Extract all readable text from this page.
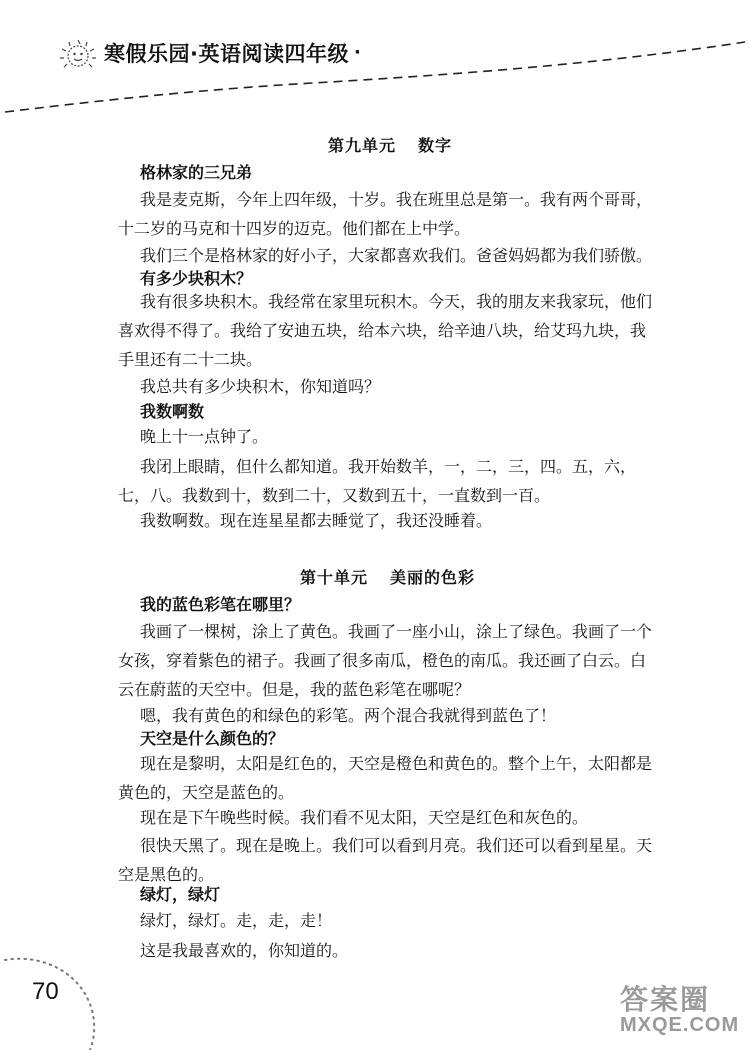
寒假乐园·英语阅读四年级 ·
第九单元 数字
格林家的三兄弟

我是麦克斯，今年上四年级，十岁。我在班里总是第一。我有两个哥哥，十二岁的马克和十四岁的迈克。他们都在上中学。

我们三个是格林家的好小子，大家都喜欢我们。爸爸妈妈都为我们骄傲。

有多少块积木？

我有很多块积木。我经常在家里玩积木。今天，我的朋友来我家玩，他们喜欢得不得了。我给了安迪五块，给本六块，给辛迪八块，给艾玛九块，我手里还有二十二块。

我总共有多少块积木，你知道吗？

我数啊数

晚上十一点钟了。

我闭上眼睛，但什么都知道。我开始数羊，一，二，三，四。五，六，七，八。我数到十，数到二十，又数到五十，一直数到一百。

我数啊数。现在连星星都去睡觉了，我还没睡着。

第十单元 美丽的色彩
我的蓝色彩笔在哪里？

我画了一棵树，涂上了黄色。我画了一座小山，涂上了绿色。我画了一个女孩，穿着紫色的裙子。我画了很多南瓜，橙色的南瓜。我还画了白云。白云在蔚蓝的天空中。但是，我的蓝色彩笔在哪呢？

嗯，我有黄色的和绿色的彩笔。两个混合我就得到蓝色了！

天空是什么颜色的？

现在是黎明，太阳是红色的，天空是橙色和黄色的。整个上午，太阳都是黄色的，天空是蓝色的。

现在是下午晚些时候。我们看不见太阳，天空是红色和灰色的。

很快天黑了。现在是晚上。我们可以看到月亮。我们还可以看到星星。天空是黑色的。

绿灯，绿灯

绿灯，绿灯。走，走，走！

这是我最喜欢的，你知道的。

70	答案圈
MXQE.COM
